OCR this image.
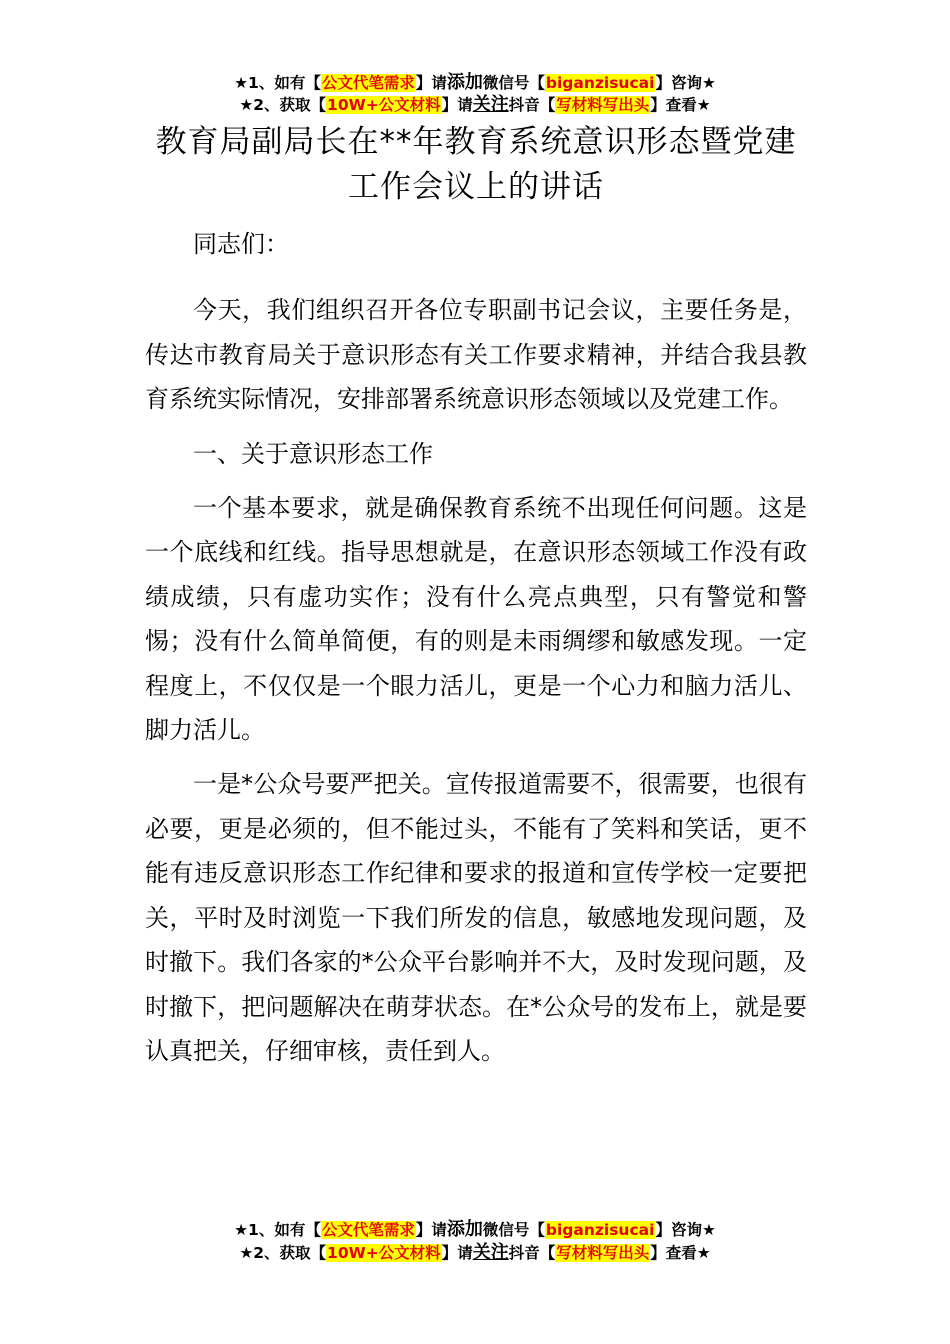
★1、如有【公文代笔需求】请添加微信号【biganzisucai】咨询★
★2、获取【10W+公文材料】请关注抖音【写材料写出头】查看★
教育局副局长在**年教育系统意识形态暨党建工作会议上的讲话

同志们：

今天，我们组织召开各位专职副书记会议，主要任务是，传达市教育局关于意识形态有关工作要求精神，并结合我县教育系统实际情况，安排部署系统意识形态领域以及党建工作。

一、关于意识形态工作

一个基本要求，就是确保教育系统不出现任何问题。这是一个底线和红线。指导思想就是，在意识形态领域工作没有政绩成绩，只有虚功实作；没有什么亮点典型，只有警觉和警惕；没有什么简单简便，有的则是未雨绸缪和敏感发现。一定程度上，不仅仅是一个眼力活儿，更是一个心力和脑力活儿、脚力活儿。

一是*公众号要严把关。宣传报道需要不，很需要，也很有必要，更是必须的，但不能过头，不能有了笑料和笑话，更不能有违反意识形态工作纪律和要求的报道和宣传学校一定要把关，平时及时浏览一下我们所发的信息，敏感地发现问题，及时撤下。我们各家的*公众平台影响并不大，及时发现问题，及时撤下，把问题解决在萌芽状态。在*公众号的发布上，就是要认真把关，仔细审核，责任到人。

★1、如有【公文代笔需求】请添加微信号【biganzisucai】咨询★
★2、获取【10W+公文材料】请关注抖音【写材料写出头】查看★
